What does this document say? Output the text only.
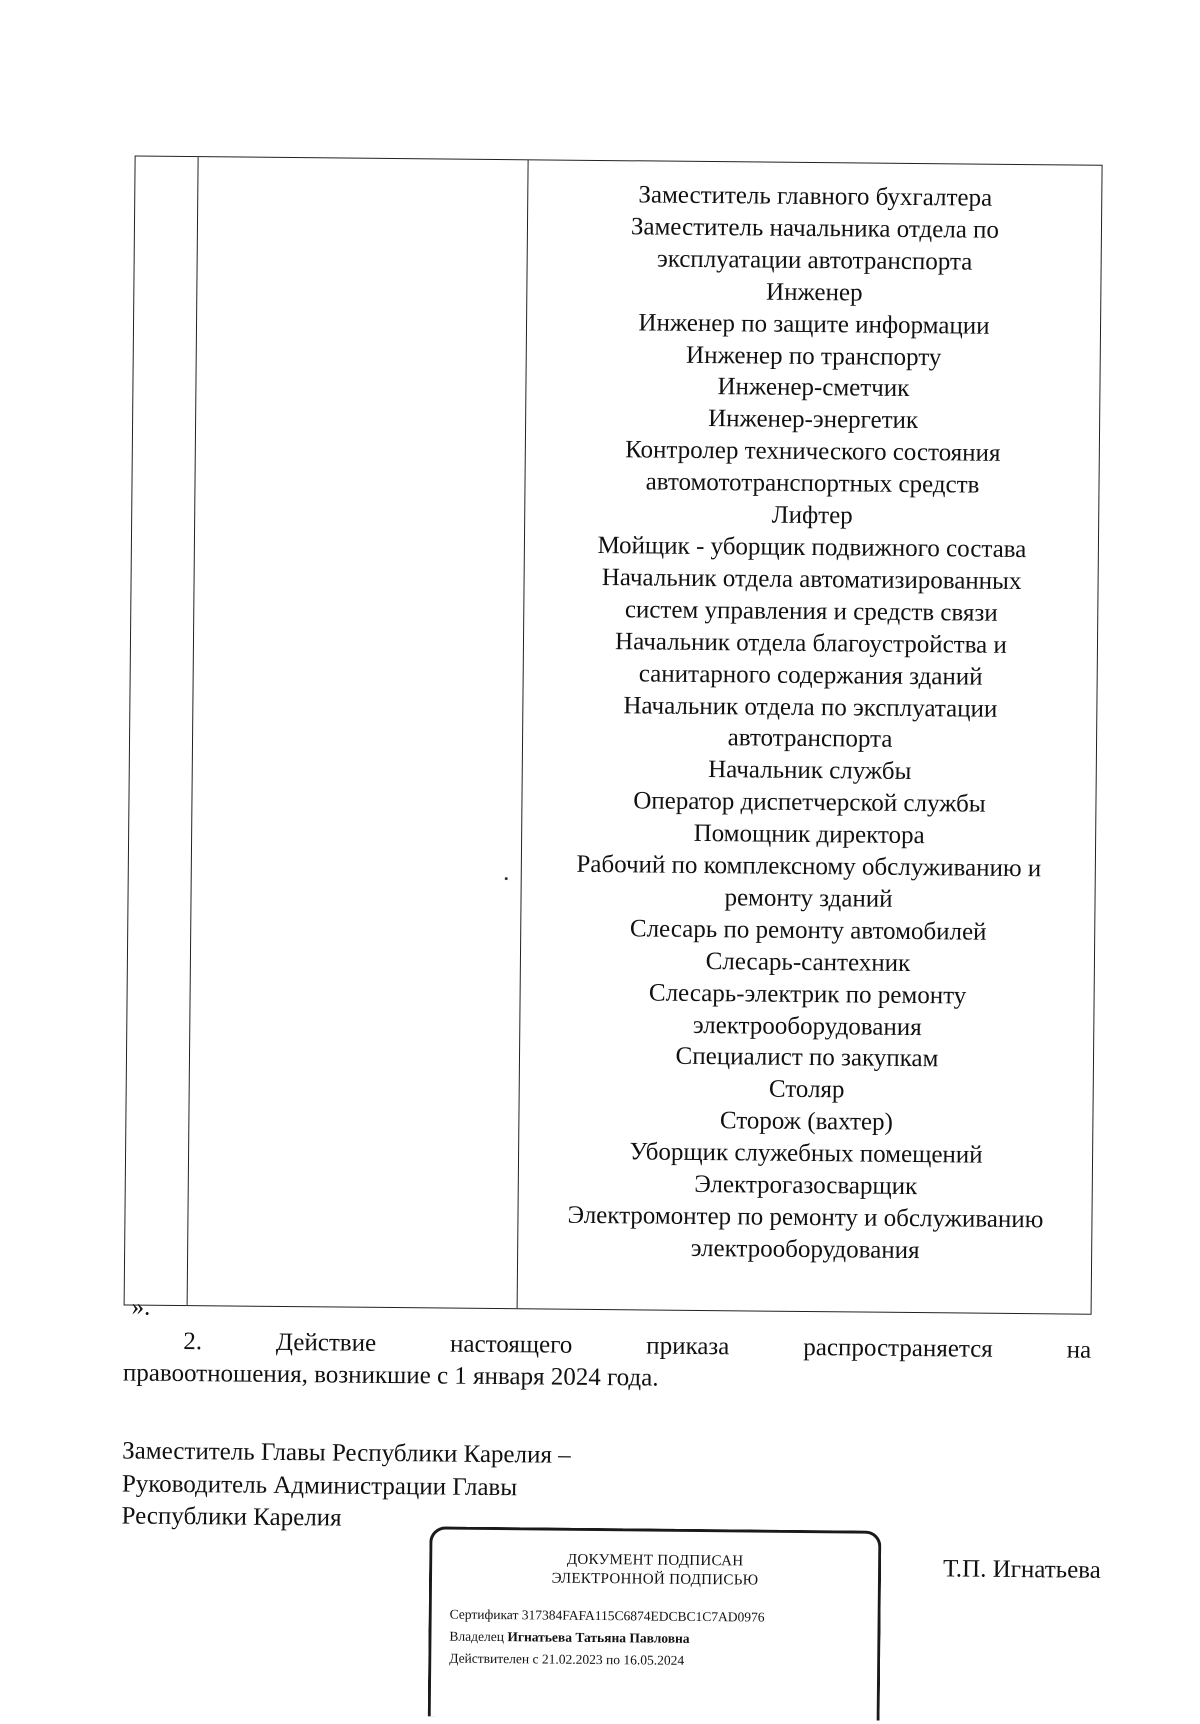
Заместитель главного бухгалтера
Заместитель начальника отдела по
эксплуатации автотранспорта
Инженер
Инженер по защите информации
Инженер по транспорту
Инженер-сметчик
Инженер-энергетик
Контролер технического состояния
автомототранспортных средств
Лифтер
Мойщик - уборщик подвижного состава
Начальник отдела автоматизированных
систем управления и средств связи
Начальник отдела благоустройства и
санитарного содержания зданий
Начальник отдела по эксплуатации
автотранспорта
Начальник службы
Оператор диспетчерской службы
Помощник директора
Рабочий по комплексному обслуживанию и
ремонту зданий
Слесарь по ремонту автомобилей
Слесарь-сантехник
Слесарь-электрик по ремонту
электрооборудования
Специалист по закупкам
Столяр
Сторож (вахтер)
Уборщик служебных помещений
Электрогазосварщик
Электромонтер по ремонту и обслуживанию
электрооборудования
».
2.	Действие	настоящего	приказа	распространяется	на
правоотношения, возникшие с 1 января 2024 года.
Заместитель Главы Республики Карелия –
Руководитель Администрации Главы
Республики Карелия
Т.П. Игнатьева
ДОКУМЕНТ ПОДПИСАН
ЭЛЕКТРОННОЙ ПОДПИСЬЮ
Сертификат 317384FAFA115C6874EDCBC1C7AD0976
Владелец Игнатьева Татьяна Павловна
Действителен с 21.02.2023 по 16.05.2024
